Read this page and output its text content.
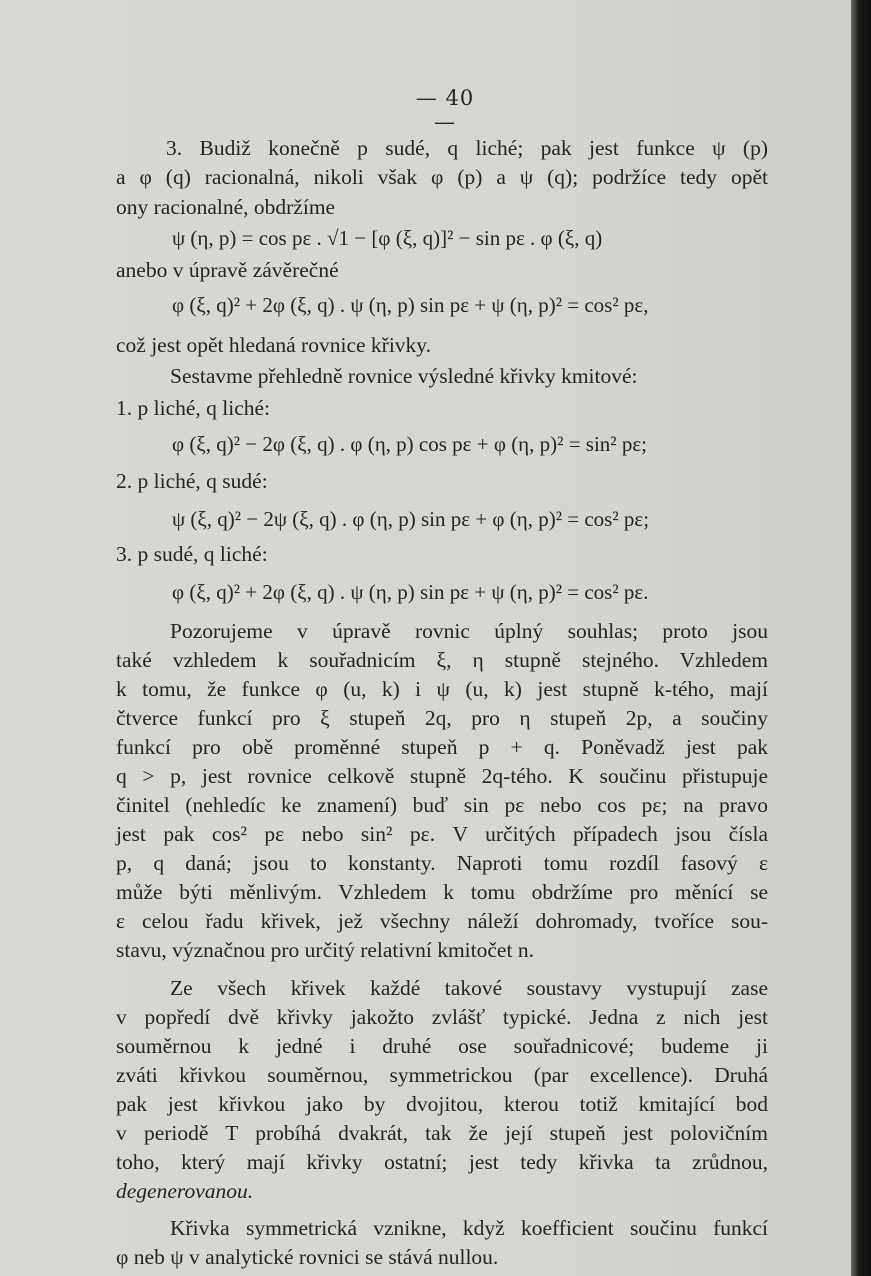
— 40 —
3. Budiž konečně p sudé, q liché; pak jest funkce ψ (p)
a φ (q) racionalná, nikoli však φ (p) a ψ (q); podržíce tedy opět
ony racionalné, obdržíme
ψ (η, p) = cos pε . √1 − [φ (ξ, q)]² − sin pε . φ (ξ, q)
anebo v úpravě závěrečné
φ (ξ, q)² + 2φ (ξ, q) . ψ (η, p) sin pε + ψ (η, p)² = cos² pε,
což jest opět hledaná rovnice křivky.
Sestavme přehledně rovnice výsledné křivky kmitové:
1. p liché, q liché:
φ (ξ, q)² − 2φ (ξ, q) . φ (η, p) cos pε + φ (η, p)² = sin² pε;
2. p liché, q sudé:
ψ (ξ, q)² − 2ψ (ξ, q) . φ (η, p) sin pε + φ (η, p)² = cos² pε;
3. p sudé, q liché:
φ (ξ, q)² + 2φ (ξ, q) . ψ (η, p) sin pε + ψ (η, p)² = cos² pε.
Pozorujeme v úpravě rovnic úplný souhlas; proto jsou
také vzhledem k souřadnicím ξ, η stupně stejného. Vzhledem
k tomu, že funkce φ (u, k) i ψ (u, k) jest stupně k-tého, mají
čtverce funkcí pro ξ stupeň 2q, pro η stupeň 2p, a součiny
funkcí pro obě proměnné stupeň p + q. Poněvadž jest pak
q > p, jest rovnice celkově stupně 2q-tého. K součinu přistupuje
činitel (nehledíc ke znamení) buď sin pε nebo cos pε; na pravo
jest pak cos² pε nebo sin² pε. V určitých případech jsou čísla
p, q daná; jsou to konstanty. Naproti tomu rozdíl fasový ε
může býti měnlivým. Vzhledem k tomu obdržíme pro měnící se
ε celou řadu křivek, jež všechny náleží dohromady, tvoříce sou-
stavu, význačnou pro určitý relativní kmitočet n.
Ze všech křivek každé takové soustavy vystupují zase
v popředí dvě křivky jakožto zvlášť typické. Jedna z nich jest
souměrnou k jedné i druhé ose souřadnicové; budeme ji
zváti křivkou souměrnou, symmetrickou (par excellence). Druhá
pak jest křivkou jako by dvojitou, kterou totiž kmitající bod
v periodě T probíhá dvakrát, tak že její stupeň jest polovičním
toho, který mají křivky ostatní; jest tedy křivka ta zrůdnou,
degenerovanou.
Křivka symmetrická vznikne, když koefficient součinu funkcí
φ neb ψ v analytické rovnici se stává nullou.
